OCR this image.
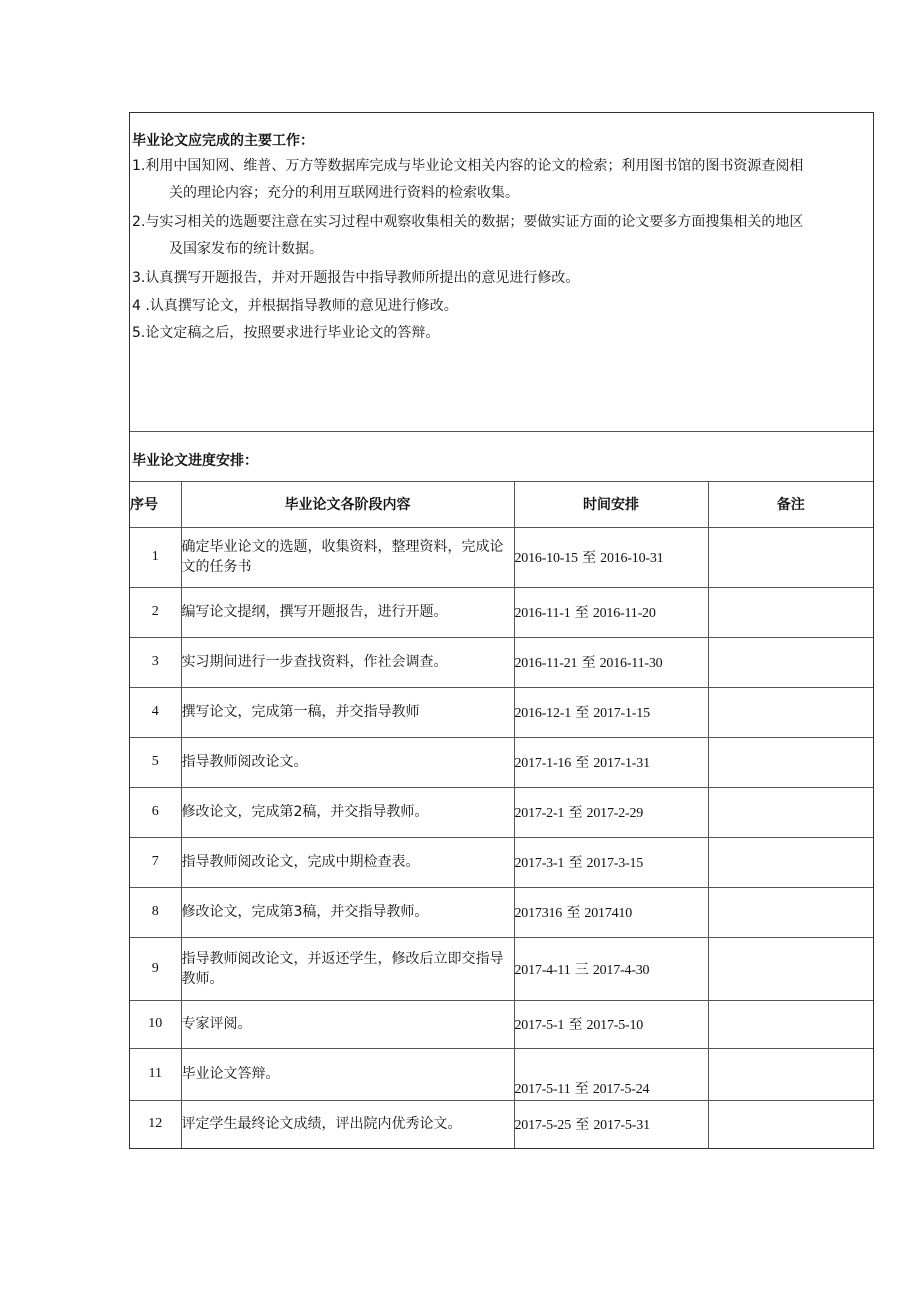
毕业论文应完成的主要工作：
1.利用中国知网、维普、万方等数据库完成与毕业论文相关内容的论文的检索；利用图书馆的图书资源查阅相
关的理论内容；充分的利用互联网进行资料的检索收集。
2.与实习相关的选题要注意在实习过程中观察收集相关的数据；要做实证方面的论文要多方面搜集相关的地区
及国家发布的统计数据。
3.认真撰写开题报告，并对开题报告中指导教师所提出的意见进行修改。
4 .认真撰写论文，并根据指导教师的意见进行修改。
5.论文定稿之后，按照要求进行毕业论文的答辩。
毕业论文进度安排：
序号	毕业论文各阶段内容	时间安排	备注
1	确定毕业论文的选题，收集资料，整理资料，完成论文的任务书	2016-10-15 至 2016-10-31	
2	编写论文提纲，撰写开题报告，进行开题。	2016-11-1 至 2016-11-20	
3	实习期间进行一步查找资料，作社会调查。	2016-11-21 至 2016-11-30	
4	撰写论文，完成第一稿，并交指导教师	2016-12-1 至 2017-1-15	
5	指导教师阅改论文。	2017-1-16 至 2017-1-31	
6	修改论文，完成第2稿，并交指导教师。	2017-2-1 至 2017-2-29	
7	指导教师阅改论文，完成中期检查表。	2017-3-1 至 2017-3-15	
8	修改论文，完成第3稿，并交指导教师。	2017316 至 2017410	
9	指导教师阅改论文，并返还学生，修改后立即交指导教师。	2017-4-11 三 2017-4-30	
10	专家评阅。	2017-5-1 至 2017-5-10	
11	毕业论文答辩。	2017-5-11 至 2017-5-24	
12	评定学生最终论文成绩，评出院内优秀论文。	2017-5-25 至 2017-5-31	
